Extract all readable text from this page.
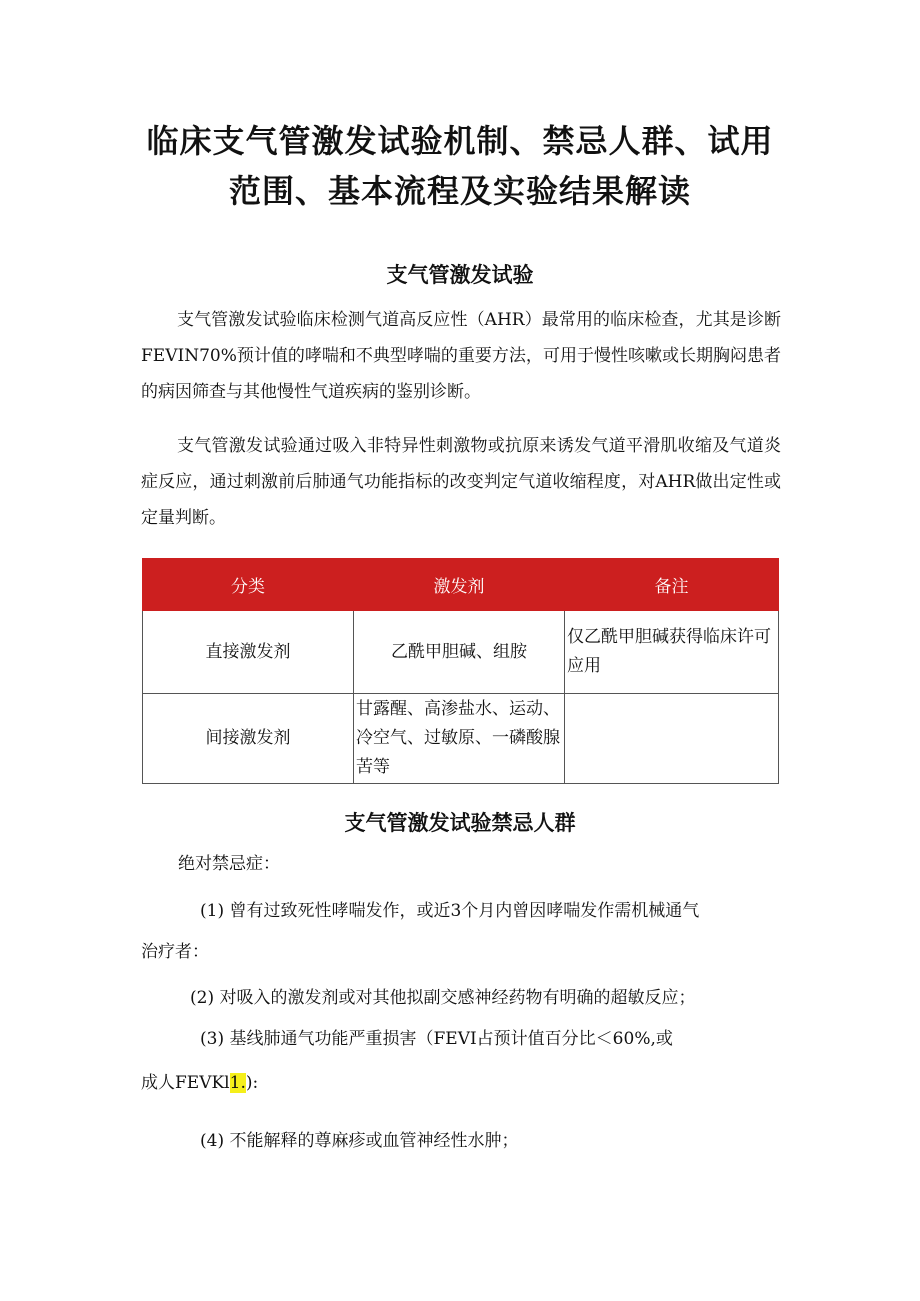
临床支气管激发试验机制、禁忌人群、试用
范围、基本流程及实验结果解读
支气管激发试验
支气管激发试验临床检测气道高反应性（AHR）最常用的临床检查，尤其是诊断FEVIN70%预计值的哮喘和不典型哮喘的重要方法，可用于慢性咳嗽或长期胸闷患者的病因筛查与其他慢性气道疾病的鉴别诊断。
支气管激发试验通过吸入非特异性刺激物或抗原来诱发气道平滑肌收缩及气道炎症反应，通过刺激前后肺通气功能指标的改变判定气道收缩程度，对AHR做出定性或定量判断。
分类	激发剂	备注
直接激发剂	乙酰甲胆碱、组胺	仅乙酰甲胆碱获得临床许可应用
间接激发剂	甘露醒、高渗盐水、运动、冷空气、过敏原、一磷酸腺苦等	
支气管激发试验禁忌人群
绝对禁忌症：
(1) 曾有过致死性哮喘发作，或近3个月内曾因哮喘发作需机械通气
治疗者：
(2) 对吸入的激发剂或对其他拟副交感神经药物有明确的超敏反应；
(3) 基线肺通气功能严重损害（FEVI占预计值百分比＜60%,或
成人FEVKl1.):
(4) 不能解释的尊麻疹或血管神经性水肿；
